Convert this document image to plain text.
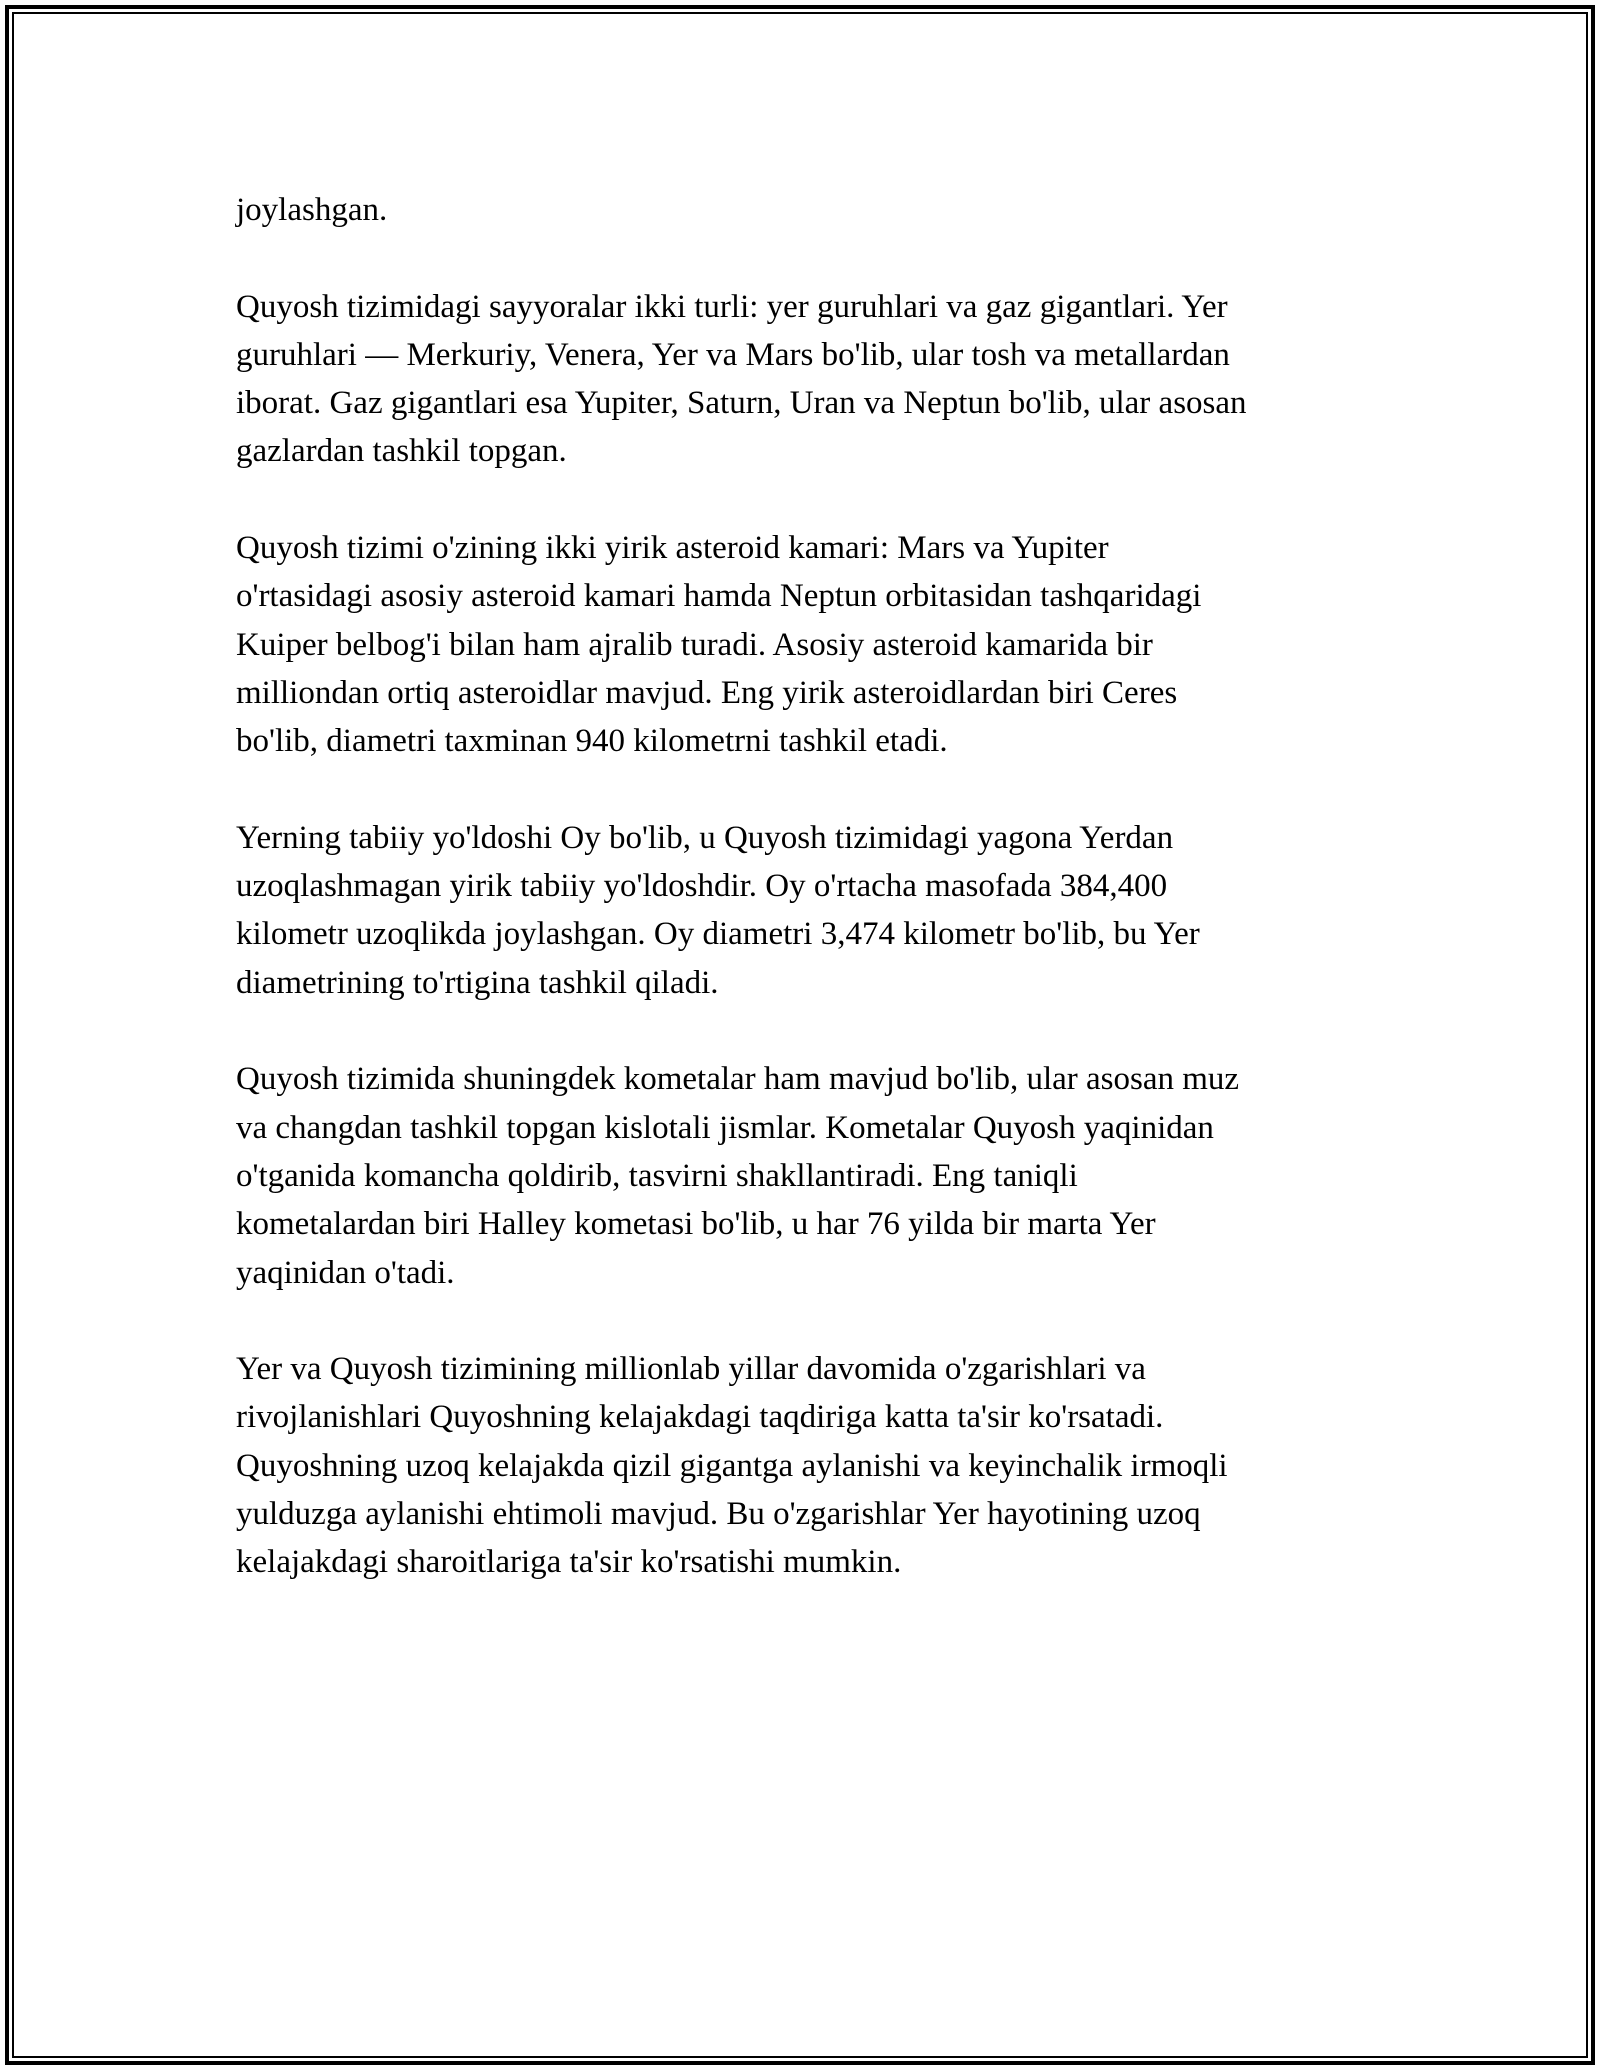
joylashgan.

Quyosh tizimidagi sayyoralar ikki turli: yer guruhlari va gaz gigantlari. Yer
guruhlari — Merkuriy, Venera, Yer va Mars bo'lib, ular tosh va metallardan
iborat. Gaz gigantlari esa Yupiter, Saturn, Uran va Neptun bo'lib, ular asosan
gazlardan tashkil topgan.

Quyosh tizimi o'zining ikki yirik asteroid kamari: Mars va Yupiter
o'rtasidagi asosiy asteroid kamari hamda Neptun orbitasidan tashqaridagi
Kuiper belbog'i bilan ham ajralib turadi. Asosiy asteroid kamarida bir
milliondan ortiq asteroidlar mavjud. Eng yirik asteroidlardan biri Ceres
bo'lib, diametri taxminan 940 kilometrni tashkil etadi.

Yerning tabiiy yo'ldoshi Oy bo'lib, u Quyosh tizimidagi yagona Yerdan
uzoqlashmagan yirik tabiiy yo'ldoshdir. Oy o'rtacha masofada 384,400
kilometr uzoqlikda joylashgan. Oy diametri 3,474 kilometr bo'lib, bu Yer
diametrining to'rtigina tashkil qiladi.

Quyosh tizimida shuningdek kometalar ham mavjud bo'lib, ular asosan muz
va changdan tashkil topgan kislotali jismlar. Kometalar Quyosh yaqinidan
o'tganida komancha qoldirib, tasvirni shakllantiradi. Eng taniqli
kometalardan biri Halley kometasi bo'lib, u har 76 yilda bir marta Yer
yaqinidan o'tadi.

Yer va Quyosh tizimining millionlab yillar davomida o'zgarishlari va
rivojlanishlari Quyoshning kelajakdagi taqdiriga katta ta'sir ko'rsatadi.
Quyoshning uzoq kelajakda qizil gigantga aylanishi va keyinchalik irmoqli
yulduzga aylanishi ehtimoli mavjud. Bu o'zgarishlar Yer hayotining uzoq
kelajakdagi sharoitlariga ta'sir ko'rsatishi mumkin.
